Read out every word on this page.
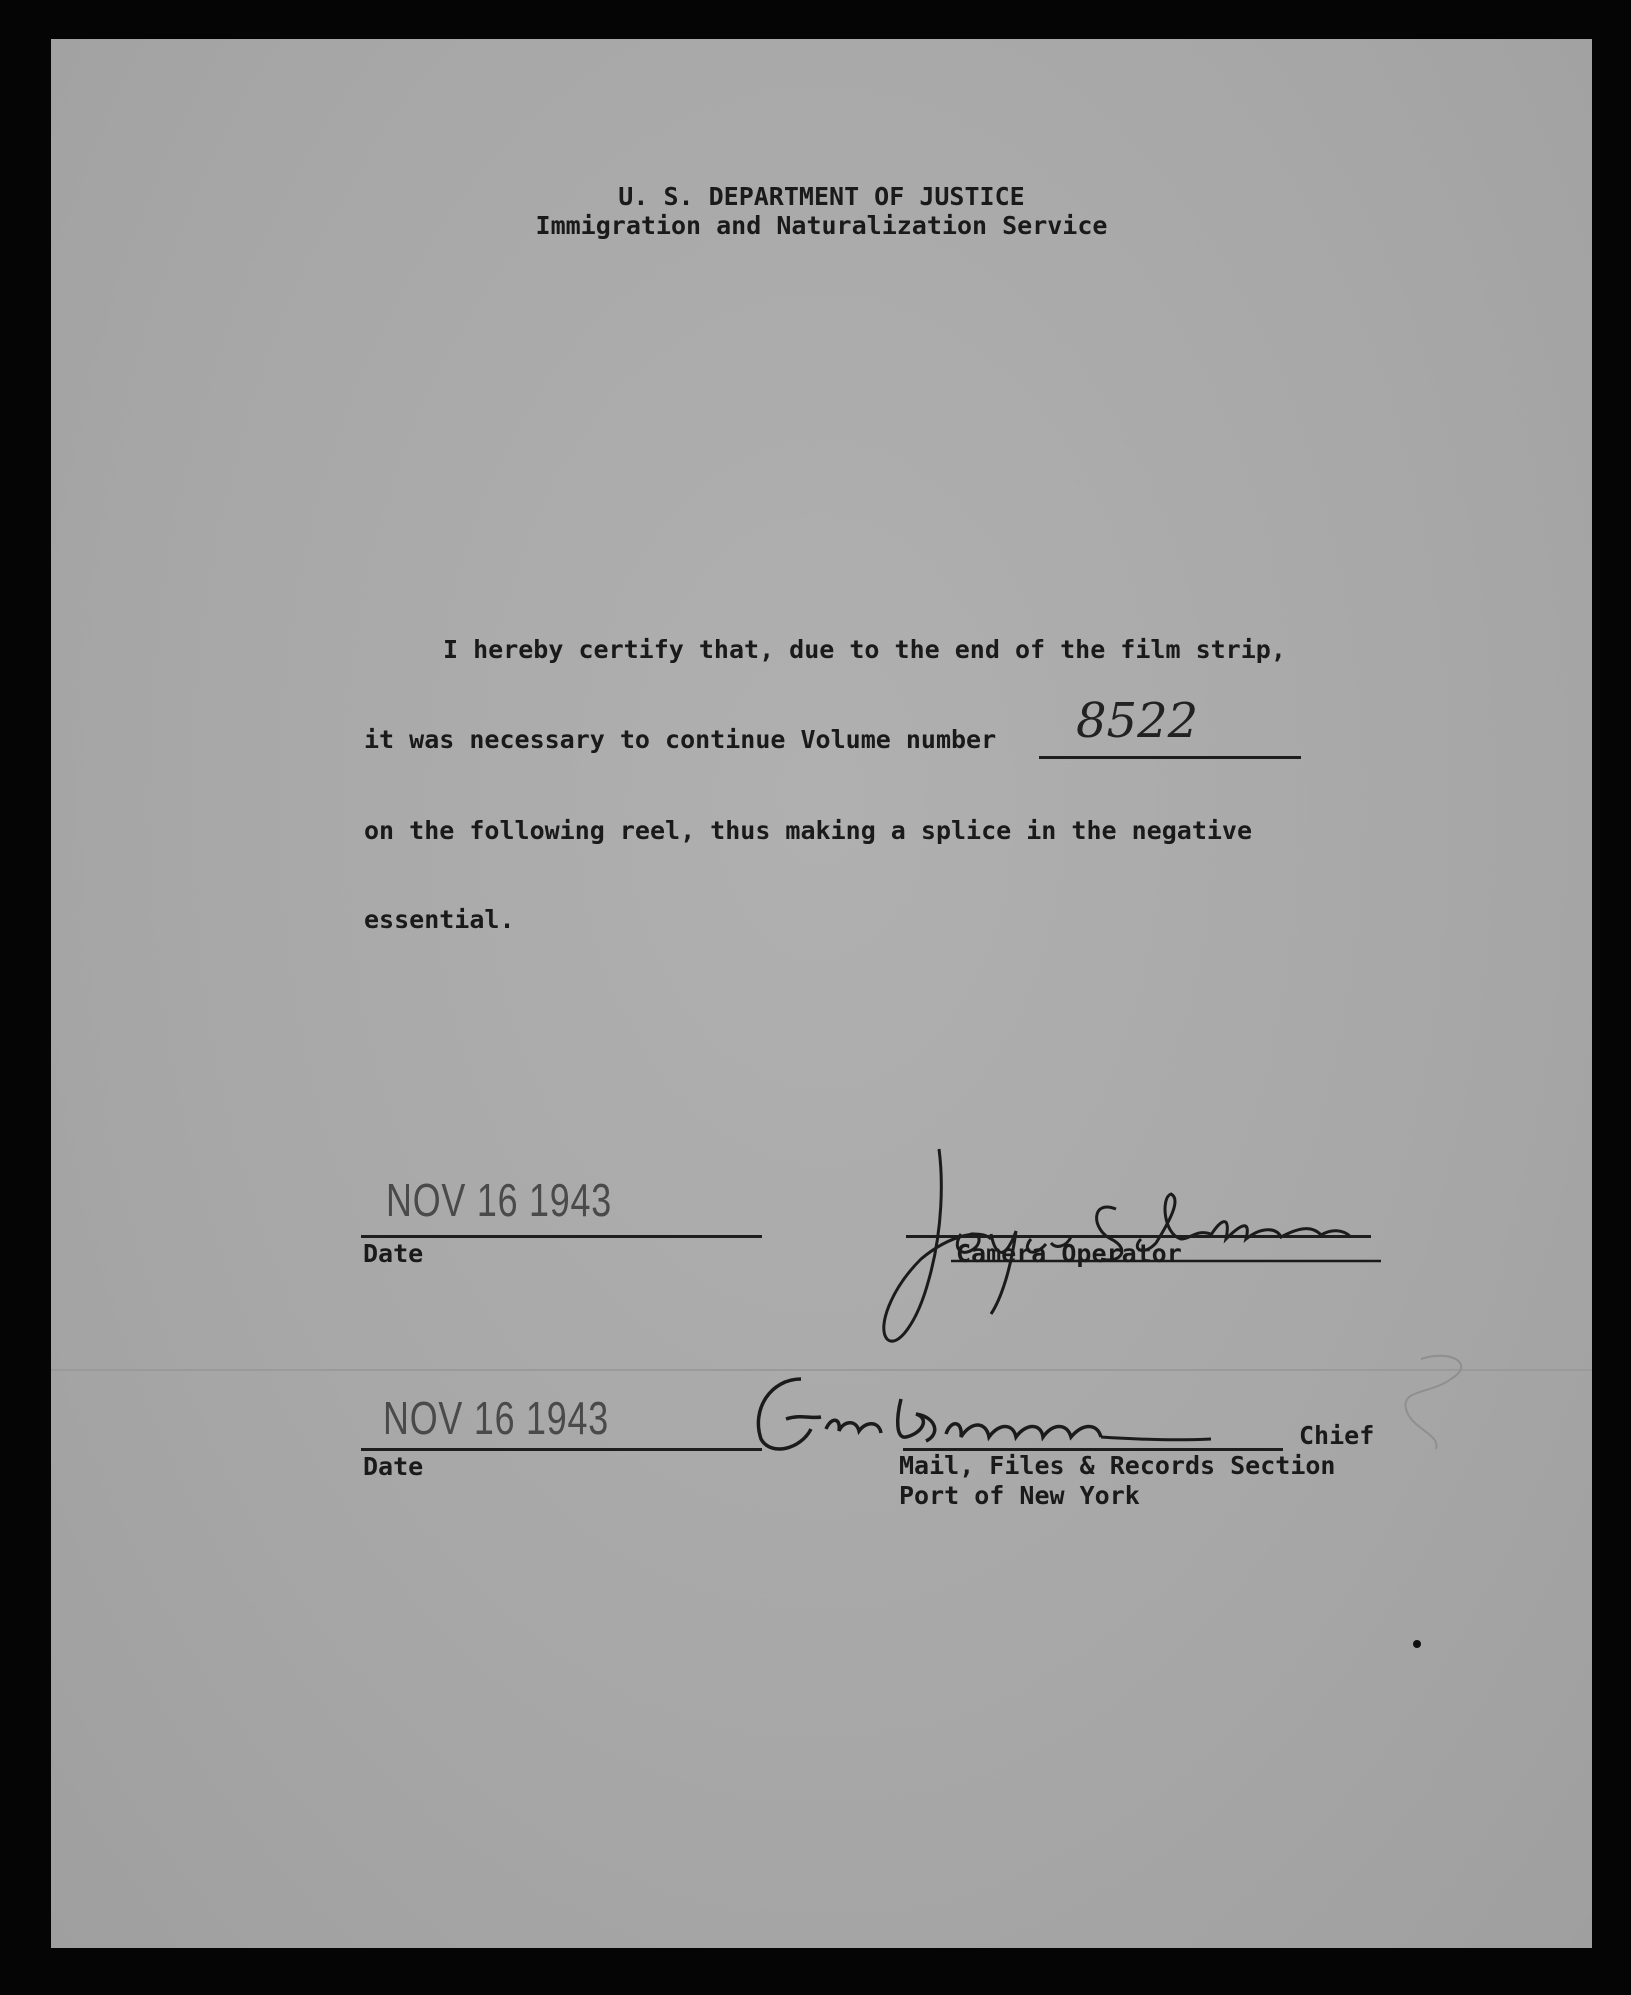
U. S. DEPARTMENT OF JUSTICE
Immigration and Naturalization Service
I hereby certify that, due to the end of the film strip,
it was necessary to continue Volume number 8522
on the following reel, thus making a splice in the negative
essential.
NOV 16 1943
Date	Camera Operator
NOV 16 1943
Date
Chief
Mail, Files & Records Section
Port of New York
